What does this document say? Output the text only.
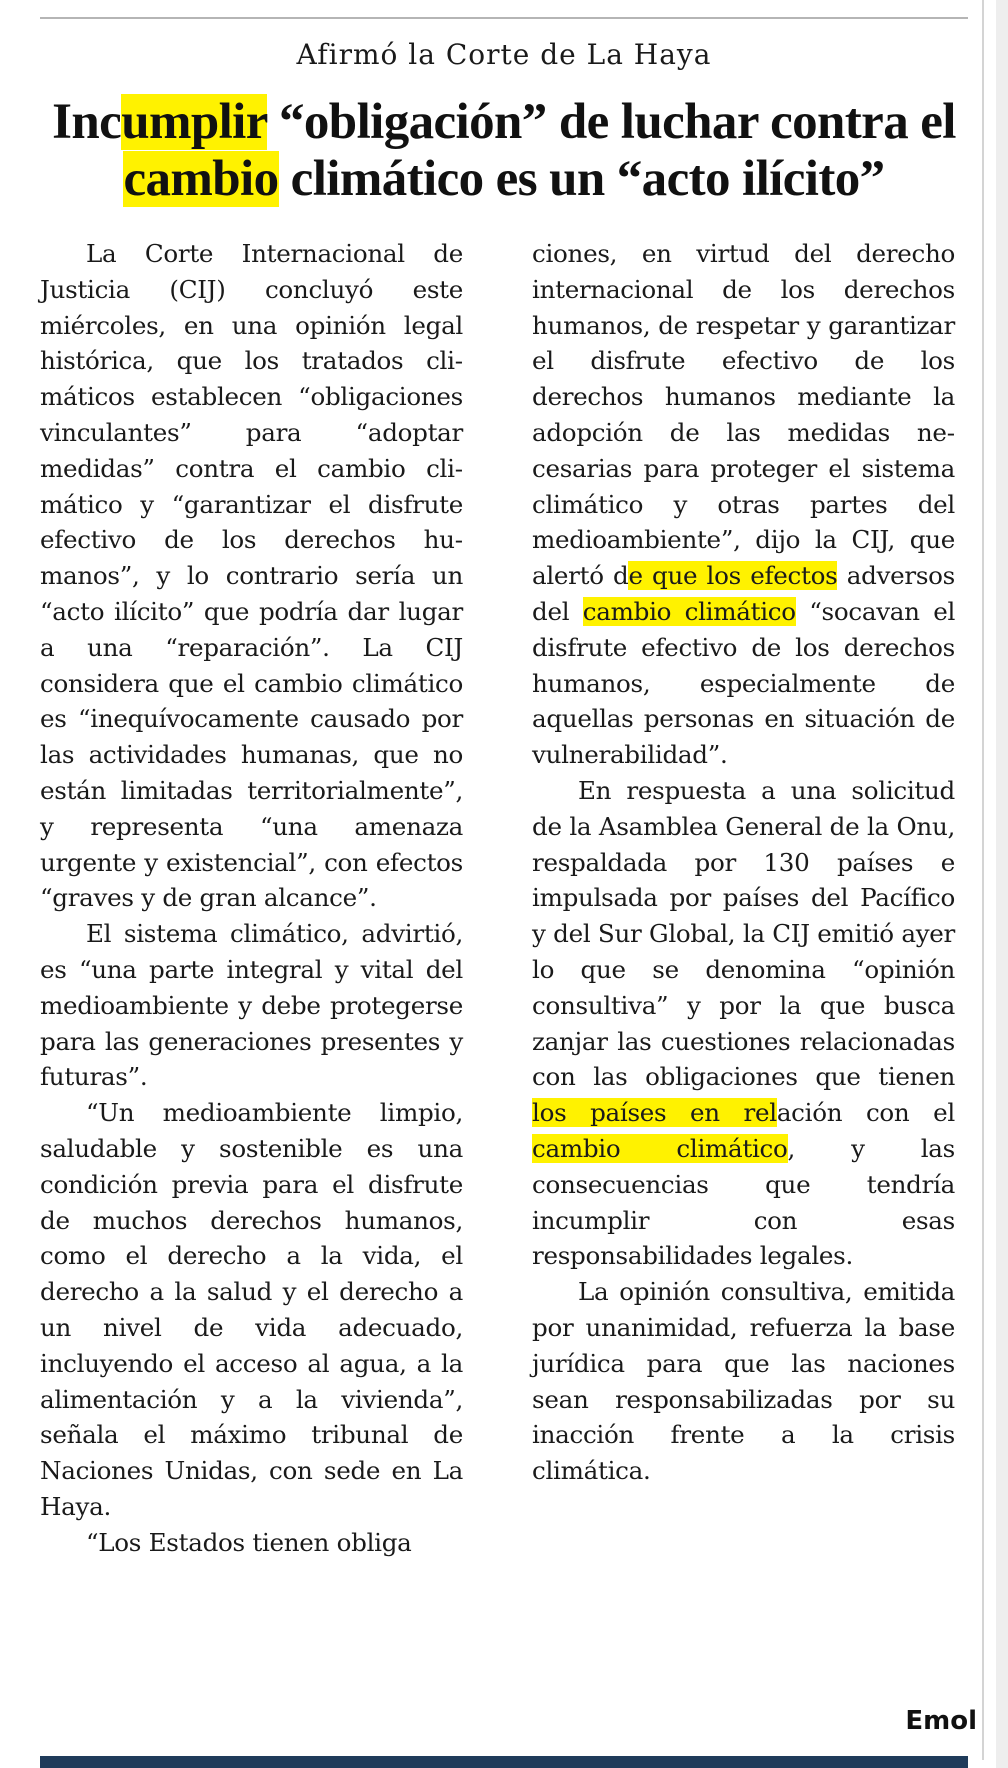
Afirmó la Corte de La Haya
Incumplir “obligación” de luchar contra el cambio climático es un “acto ilícito”

La Corte Internacional de Justicia (CIJ) concluyó este miércoles, en una opinión legal histórica, que los tratados climáticos establecen “obligaciones vinculantes” para “adoptar medidas” contra el cambio climático y “garantizar el disfrute efectivo de los derechos humanos”, y lo contrario sería un “acto ilícito” que podría dar lugar a una “reparación”. La CIJ considera que el cambio climático es “inequívocamente causado por las actividades humanas, que no están limitadas territorialmente”, y representa “una amenaza urgente y existencial”, con efectos “graves y de gran alcance”.

El sistema climático, advirtió, es “una parte integral y vital del medioambiente y debe protegerse para las generaciones presentes y futuras”.

“Un medioambiente limpio, saludable y sostenible es una condición previa para el disfrute de muchos derechos humanos, como el derecho a la vida, el derecho a la salud y el derecho a un nivel de vida adecuado, incluyendo el acceso al agua, a la alimentación y a la vivienda”, señala el máximo tribunal de Naciones Unidas, con sede en La Haya.

“Los Estados tienen obliga

ciones, en virtud del derecho internacional de los derechos humanos, de respetar y garantizar el disfrute efectivo de los derechos humanos mediante la adopción de las medidas necesarias para proteger el sistema climático y otras partes del medioambiente”, dijo la CIJ, que alertó de que los efectos adversos del cambio climático “socavan el disfrute efectivo de los derechos humanos, especialmente de aquellas personas en situación de vulnerabilidad”.

En respuesta a una solicitud de la Asamblea General de la Onu, respaldada por 130 países e impulsada por países del Pacífico y del Sur Global, la CIJ emitió ayer lo que se denomina “opinión consultiva” y por la que busca zanjar las cuestiones relacionadas con las obligaciones que tienen los países en relación con el cambio climático, y las consecuencias que tendría incumplir con esas responsabilidades legales.

La opinión consultiva, emitida por unanimidad, refuerza la base jurídica para que las naciones sean responsabilizadas por su inacción frente a la crisis climática.

Emol
